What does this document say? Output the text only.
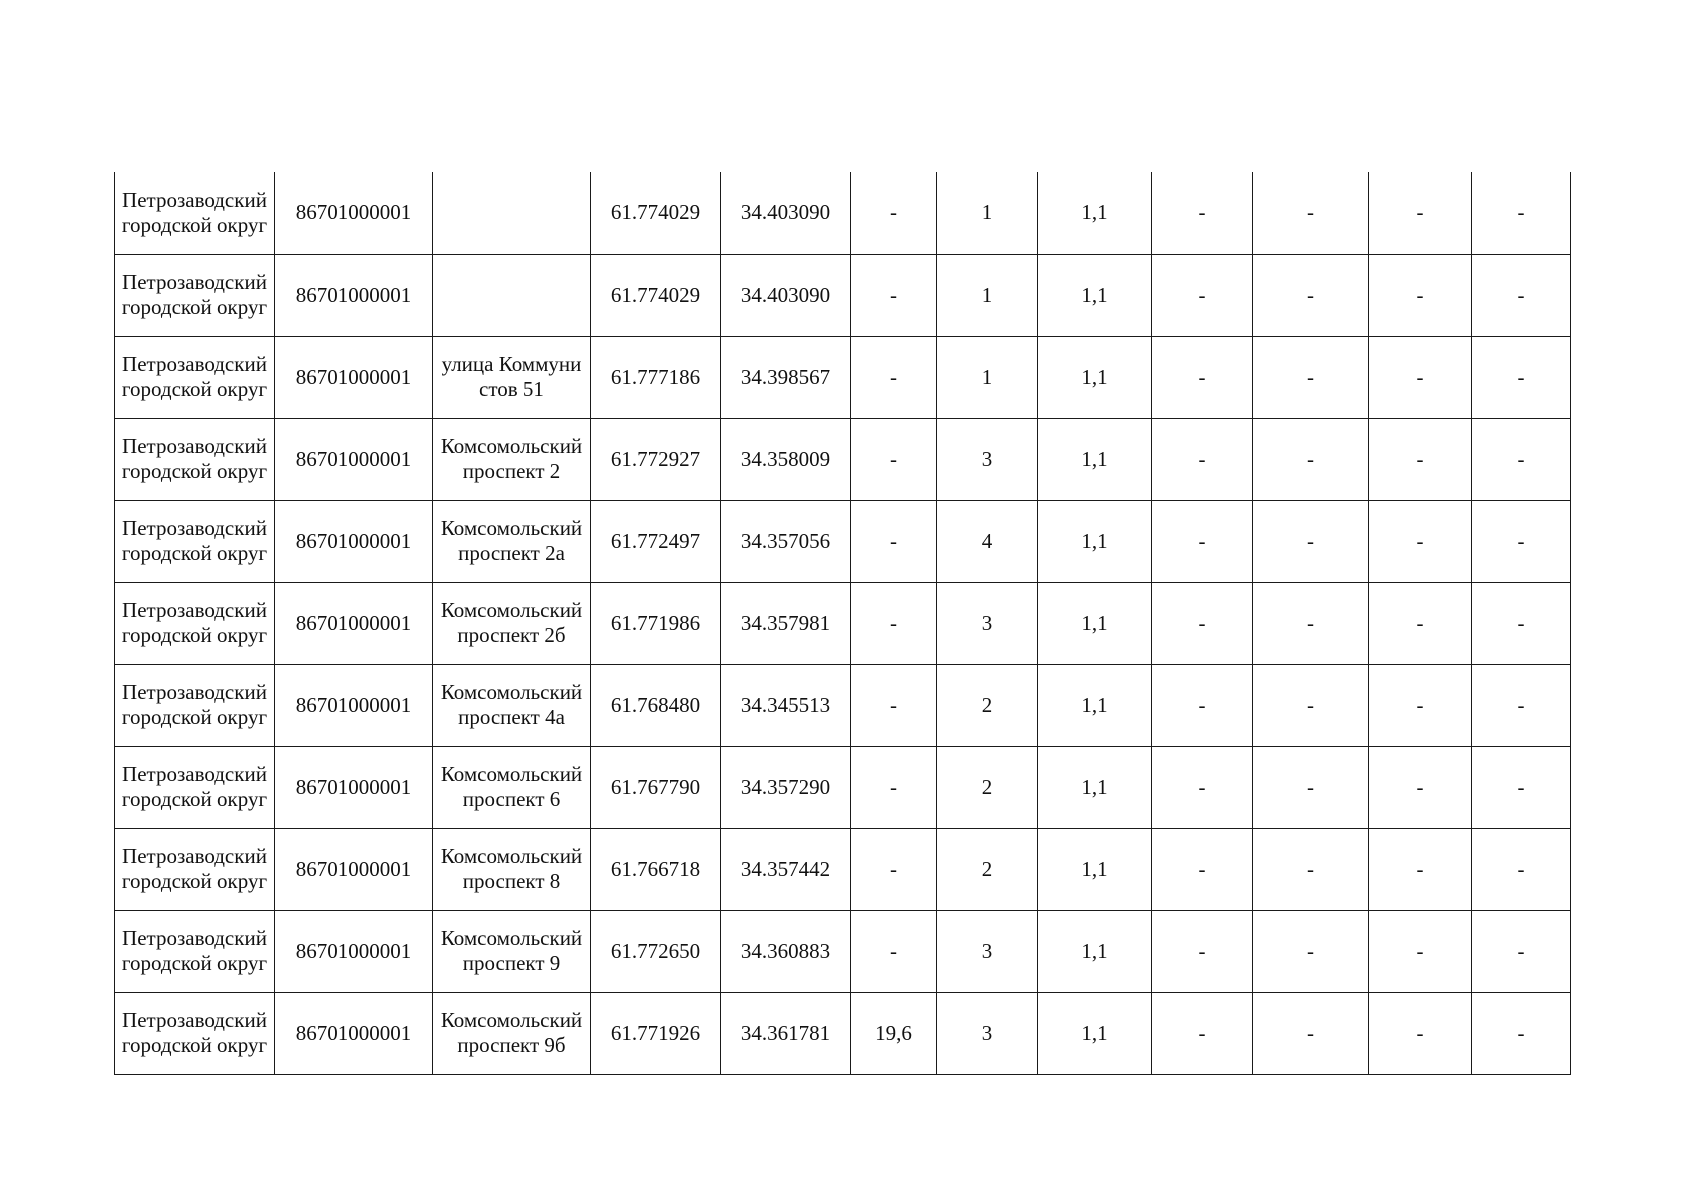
Петрозаводский городской округ	86701000001		61.774029	34.403090	-	1	1,1	-	-	-	-
Петрозаводский городской округ	86701000001		61.774029	34.403090	-	1	1,1	-	-	-	-
Петрозаводский городской округ	86701000001	улица Коммунистов 51	61.777186	34.398567	-	1	1,1	-	-	-	-
Петрозаводский городской округ	86701000001	Комсомольский проспект 2	61.772927	34.358009	-	3	1,1	-	-	-	-
Петрозаводский городской округ	86701000001	Комсомольский проспект 2а	61.772497	34.357056	-	4	1,1	-	-	-	-
Петрозаводский городской округ	86701000001	Комсомольский проспект 2б	61.771986	34.357981	-	3	1,1	-	-	-	-
Петрозаводский городской округ	86701000001	Комсомольский проспект 4а	61.768480	34.345513	-	2	1,1	-	-	-	-
Петрозаводский городской округ	86701000001	Комсомольский проспект 6	61.767790	34.357290	-	2	1,1	-	-	-	-
Петрозаводский городской округ	86701000001	Комсомольский проспект 8	61.766718	34.357442	-	2	1,1	-	-	-	-
Петрозаводский городской округ	86701000001	Комсомольский проспект 9	61.772650	34.360883	-	3	1,1	-	-	-	-
Петрозаводский городской округ	86701000001	Комсомольский проспект 9б	61.771926	34.361781	19,6	3	1,1	-	-	-	-
